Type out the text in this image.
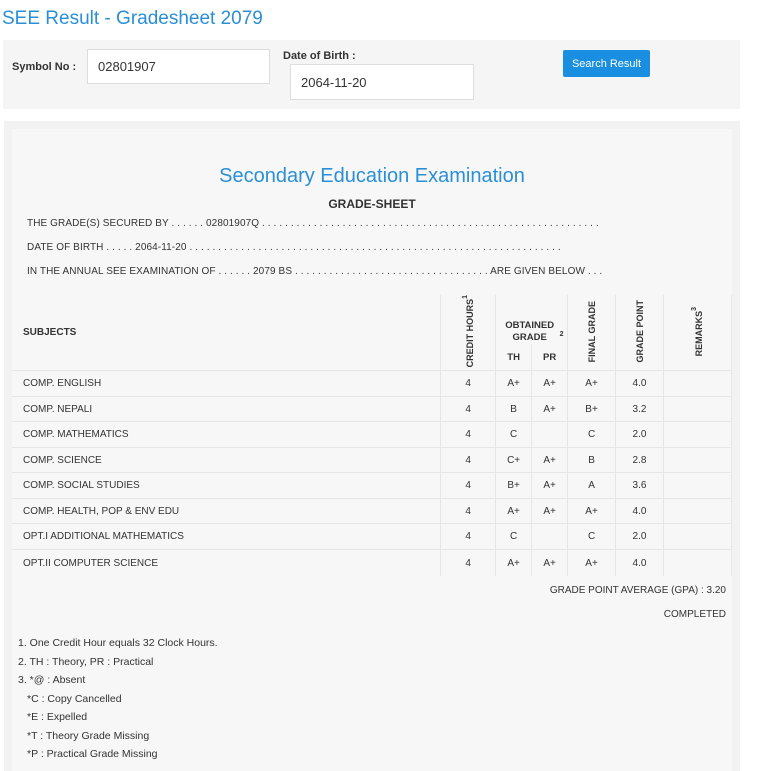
SEE Result - Gradesheet 2079
Symbol No :	02801907
Date of Birth :
2064-11-20
Search Result
Secondary Education Examination
GRADE-SHEET
THE GRADE(S) SECURED BY . . . . . . 02801907Q . . . . . . . . . . . . . . . . . . . . . . . . . . . . . . . . . . . . . . . . . . . . . . . . . . . . . . . . . . .
DATE OF BIRTH . . . . . 2064-11-20 . . . . . . . . . . . . . . . . . . . . . . . . . . . . . . . . . . . . . . . . . . . . . . . . . . . . . . . . . . . . . . . . .
IN THE ANNUAL SEE EXAMINATION OF . . . . . . 2079 BS . . . . . . . . . . . . . . . . . . . . . . . . . . . . . . . . . . ARE GIVEN BELOW . . .
SUBJECTS	CREDIT HOURS$^1$	OBTAINED GRADE $^2$		FINAL GRADE	GRADE POINT	REMARKS$^3$
		TH	PR			
COMP. ENGLISH	4	A+	A+	A+	4.0	
COMP. NEPALI	4	B	A+	B+	3.2	
COMP. MATHEMATICS	4	C		C	2.0	
COMP. SCIENCE	4	C+	A+	B	2.8	
COMP. SOCIAL STUDIES	4	B+	A+	A	3.6	
COMP. HEALTH, POP & ENV EDU	4	A+	A+	A+	4.0	
OPT.I ADDITIONAL MATHEMATICS	4	C		C	2.0	
OPT.II COMPUTER SCIENCE	4	A+	A+	A+	4.0	
GRADE POINT AVERAGE (GPA) : 3.20
COMPLETED
1. One Credit Hour equals 32 Clock Hours.
2. TH : Theory, PR : Practical
3. *@ : Absent
*C : Copy Cancelled
*E : Expelled
*T : Theory Grade Missing
*P : Practical Grade Missing
